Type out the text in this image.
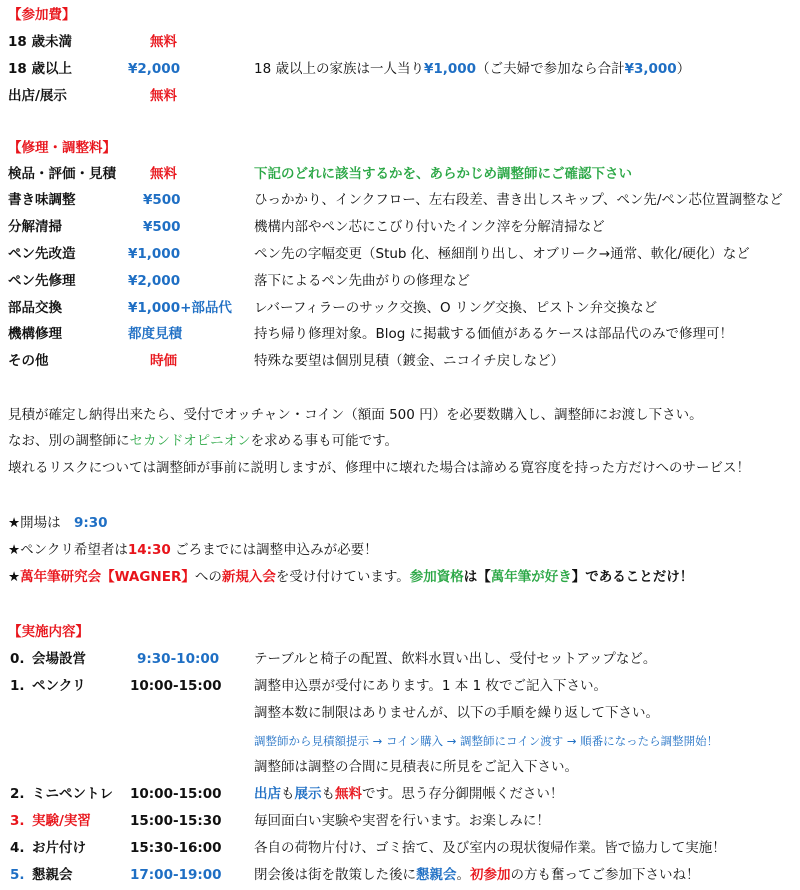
【参加費】
18 歳未満	無料
18 歳以上	¥2,000	18 歳以上の家族は一人当り¥1,000（ご夫婦で参加なら合計¥3,000）
出店/展示	無料
【修理・調整料】
検品・評価・見積	無料	下記のどれに該当するかを、あらかじめ調整師にご確認下さい
書き味調整	¥500	ひっかかり、インクフロー、左右段差、書き出しスキップ、ペン先/ペン芯位置調整など
分解清掃	¥500	機構内部やペン芯にこびり付いたインク滓を分解清掃など
ペン先改造	¥1,000	ペン先の字幅変更（Stub 化、極細削り出し、オブリーク→通常、軟化/硬化）など
ペン先修理	¥2,000	落下によるペン先曲がりの修理など
部品交換	¥1,000+部品代 レバーフィラーのサック交換、O リング交換、ピストン弁交換など
機構修理	都度見積	持ち帰り修理対象。Blog に掲載する価値があるケースは部品代のみで修理可！
その他	時価	特殊な要望は個別見積（鍍金、ニコイチ戻しなど）
見積が確定し納得出来たら、受付でオッチャン・コイン（額面 500 円）を必要数購入し、調整師にお渡し下さい。
なお、別の調整師にセカンドオピニオンを求める事も可能です。
壊れるリスクについては調整師が事前に説明しますが、修理中に壊れた場合は諦める寛容度を持った方だけへのサービス！
★開場は 9:30
★ペンクリ希望者は14:30 ごろまでには調整申込みが必要！
★萬年筆研究会【WAGNER】への新規入会を受け付けています。参加資格は【萬年筆が好き】であることだけ！
【実施内容】
0. 会場設営	9:30-10:00	テーブルと椅子の配置、飲料水買い出し、受付セットアップなど。
1. ペンクリ	10:00-15:00 調整申込票が受付にあります。1 本 1 枚でご記入下さい。
調整本数に制限はありませんが、以下の手順を繰り返して下さい。
調整師から見積額提示 → コイン購入 → 調整師にコイン渡す → 順番になったら調整開始！
調整師は調整の合間に見積表に所見をご記入下さい。
2. ミニペントレ 10:00-15:00 出店も展示も無料です。思う存分御開帳ください！
3. 実験/実習	15:00-15:30 毎回面白い実験や実習を行います。お楽しみに！
4. お片付け	15:30-16:00 各自の荷物片付け、ゴミ捨て、及び室内の現状復帰作業。皆で協力して実施！
5. 懇親会	17:00-19:00 閉会後は街を散策した後に懇親会。初参加の方も奮ってご参加下さいね！
